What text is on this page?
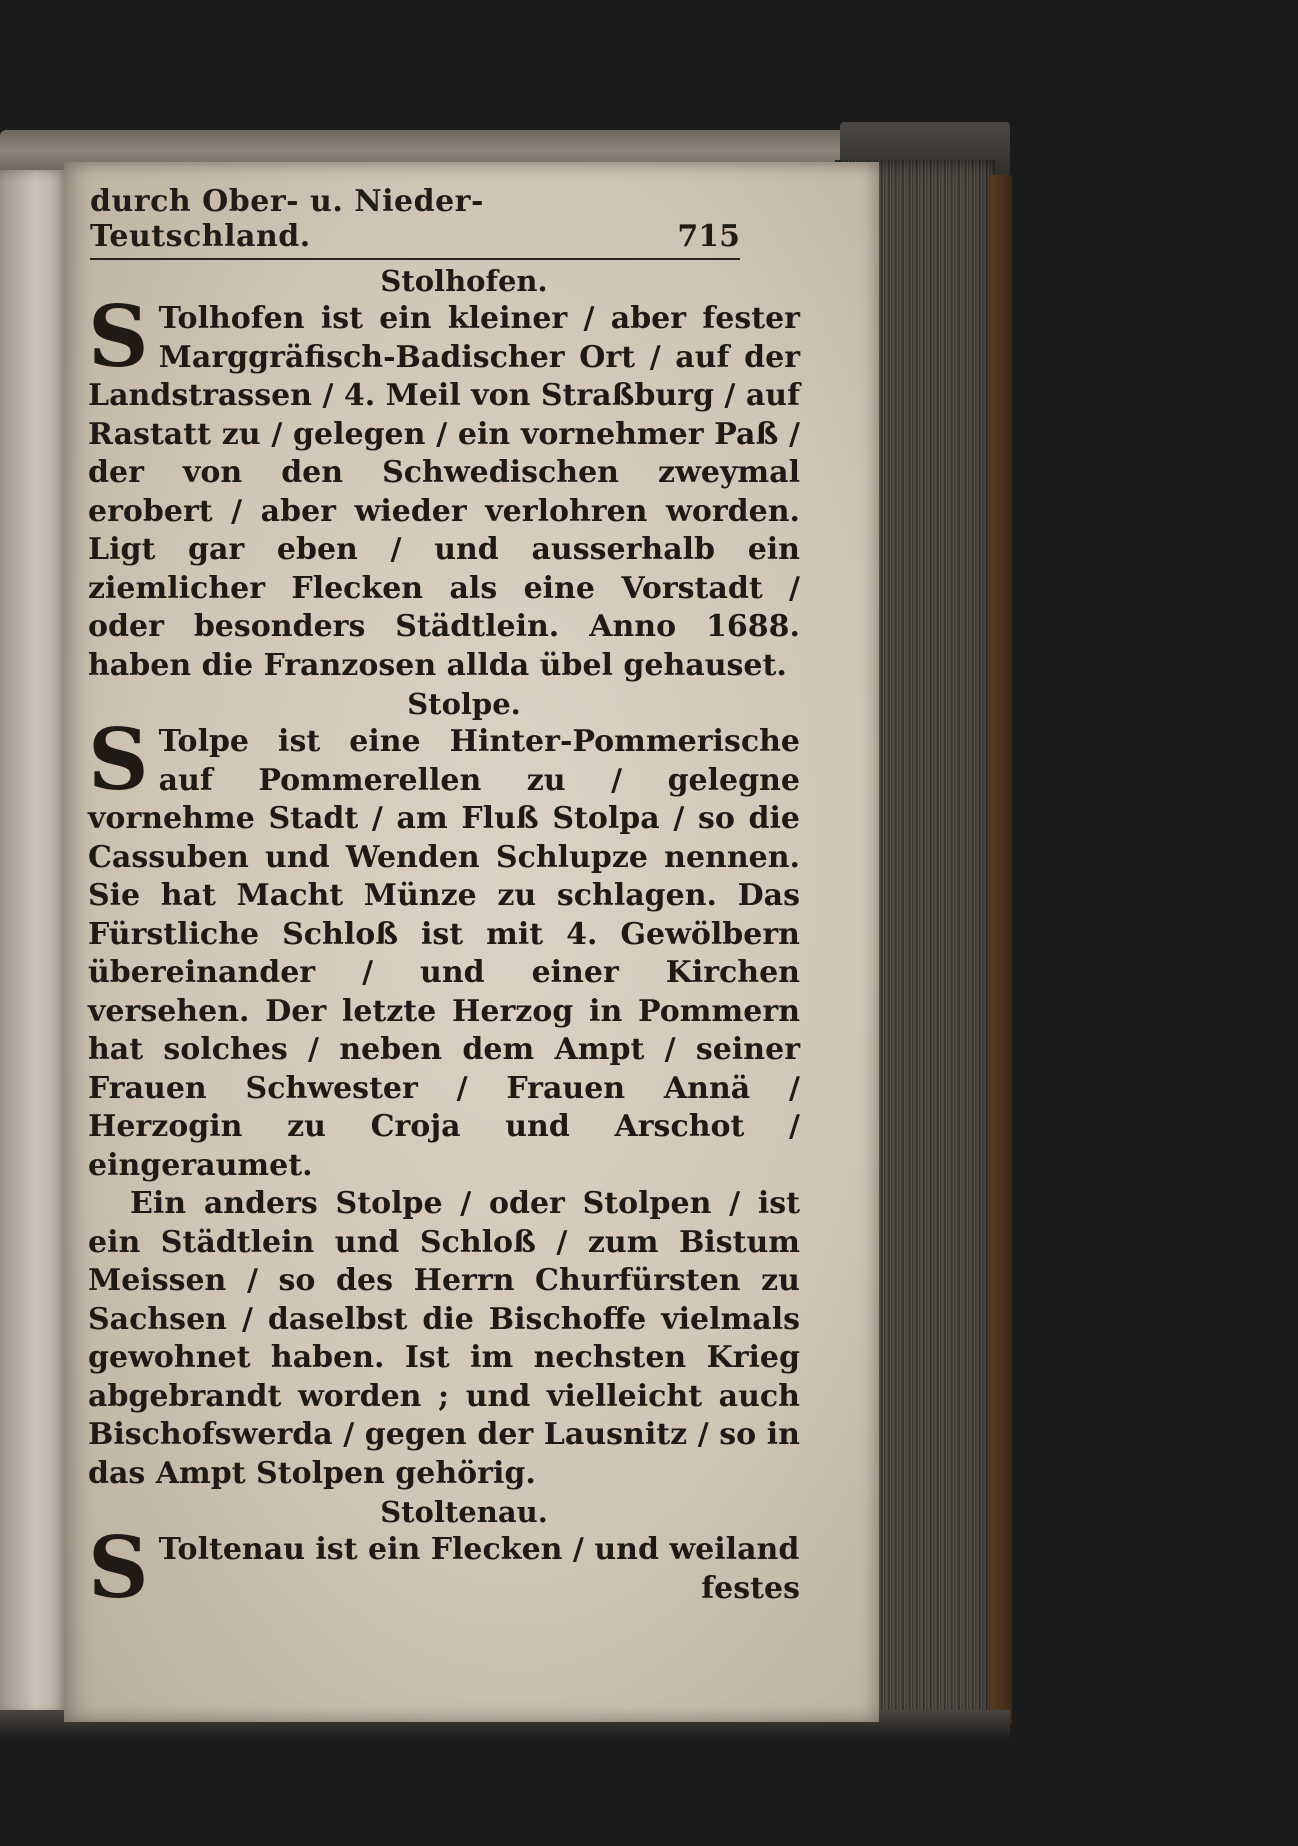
durch Ober- u. Nieder-Teutschland.	715

Stolhofen.

S Tolhofen ist ein kleiner / aber fester Marggräfisch-Badischer Ort / auf der Landstrassen / 4. Meil von Straßburg / auf Rastatt zu / gelegen / ein vornehmer Paß / der von den Schwedischen zweymal erobert / aber wieder verlohren worden. Ligt gar eben / und ausserhalb ein ziemlicher Flecken als eine Vorstadt / oder besonders Städtlein. Anno 1688. haben die Franzosen allda übel gehauset.

Stolpe.

S Tolpe ist eine Hinter-Pommerische auf Pommerellen zu / gelegne vornehme Stadt / am Fluß Stolpa / so die Cassuben und Wenden Schlupze nennen. Sie hat Macht Münze zu schlagen. Das Fürstliche Schloß ist mit 4. Gewölbern übereinander / und einer Kirchen versehen. Der letzte Herzog in Pommern hat solches / neben dem Ampt / seiner Frauen Schwester / Frauen Annä / Herzogin zu Croja und Arschot / eingeraumet.

Ein anders Stolpe / oder Stolpen / ist ein Städtlein und Schloß / zum Bistum Meissen / so des Herrn Churfürsten zu Sachsen / daselbst die Bischoffe vielmals gewohnet haben. Ist im nechsten Krieg abgebrandt worden ; und vielleicht auch Bischofswerda / gegen der Lausnitz / so in das Ampt Stolpen gehörig.

Stoltenau.

S Toltenau ist ein Flecken / und weiland

festes
